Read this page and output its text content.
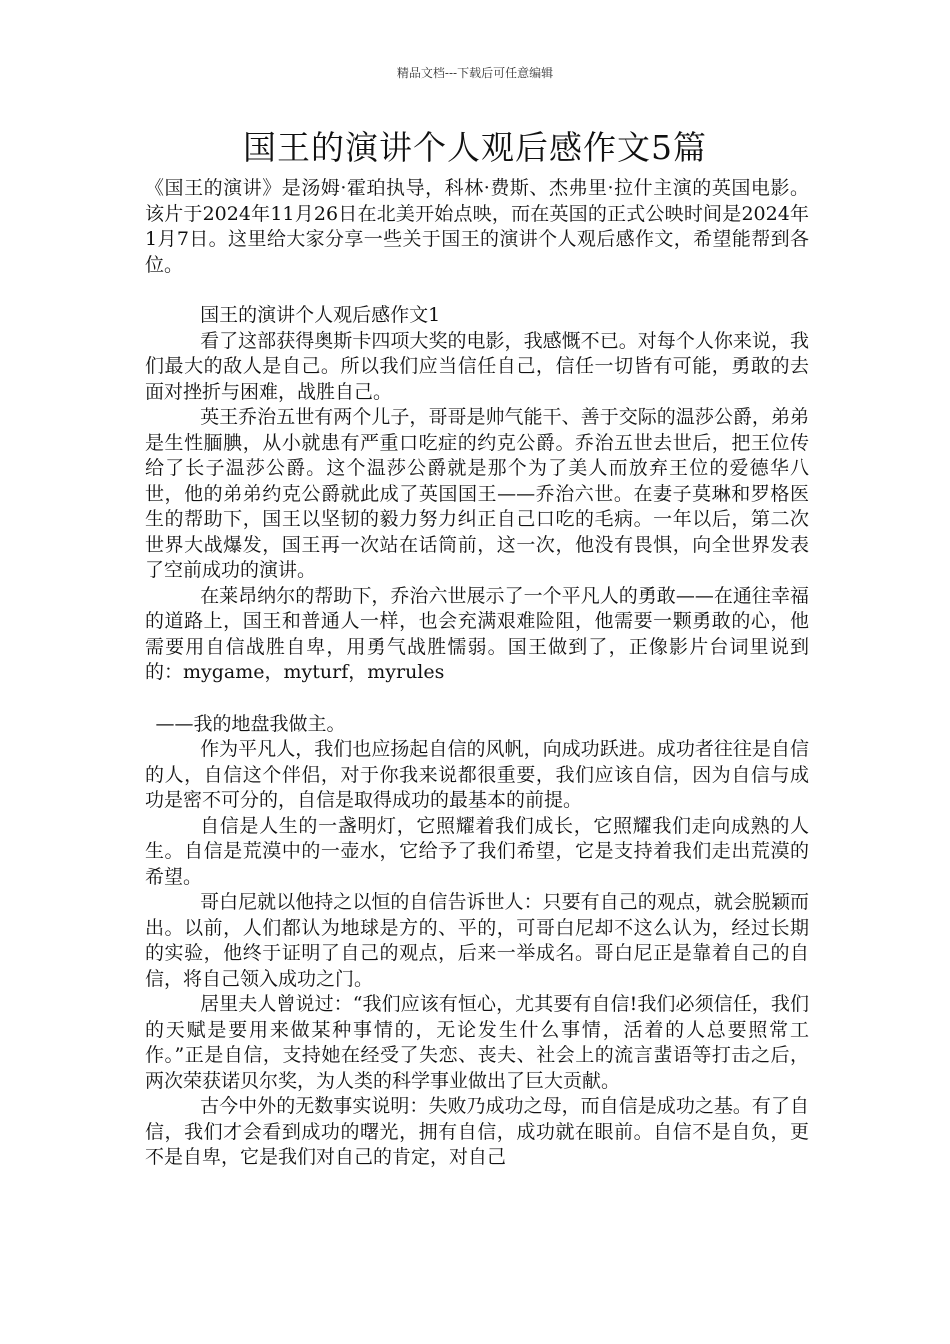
精品文档---下载后可任意编辑
国王的演讲个人观后感作文5篇

《国王的演讲》是汤姆·霍珀执导，科林·费斯、杰弗里·拉什主演的英国电影。该片于2024年11月26日在北美开始点映，而在英国的正式公映时间是2024年1月7日。这里给大家分享一些关于国王的演讲个人观后感作文，希望能帮到各位。

国王的演讲个人观后感作文1

看了这部获得奥斯卡四项大奖的电影，我感慨不已。对每个人你来说，我们最大的敌人是自己。所以我们应当信任自己，信任一切皆有可能，勇敢的去面对挫折与困难，战胜自己。

英王乔治五世有两个儿子，哥哥是帅气能干、善于交际的温莎公爵，弟弟是生性腼腆，从小就患有严重口吃症的约克公爵。乔治五世去世后，把王位传给了长子温莎公爵。这个温莎公爵就是那个为了美人而放弃王位的爱德华八世，他的弟弟约克公爵就此成了英国国王——乔治六世。在妻子莫琳和罗格医生的帮助下，国王以坚韧的毅力努力纠正自己口吃的毛病。一年以后，第二次世界大战爆发，国王再一次站在话筒前，这一次，他没有畏惧，向全世界发表了空前成功的演讲。

在莱昂纳尔的帮助下，乔治六世展示了一个平凡人的勇敢——在通往幸福的道路上，国王和普通人一样，也会充满艰难险阻，他需要一颗勇敢的心，他需要用自信战胜自卑，用勇气战胜懦弱。国王做到了，正像影片台词里说到的：mygame，myturf，myrules

——我的地盘我做主。

作为平凡人，我们也应扬起自信的风帆，向成功跃进。成功者往往是自信的人，自信这个伴侣，对于你我来说都很重要，我们应该自信，因为自信与成功是密不可分的，自信是取得成功的最基本的前提。

自信是人生的一盏明灯，它照耀着我们成长，它照耀我们走向成熟的人生。自信是荒漠中的一壶水，它给予了我们希望，它是支持着我们走出荒漠的希望。

哥白尼就以他持之以恒的自信告诉世人：只要有自己的观点，就会脱颖而出。以前，人们都认为地球是方的、平的，可哥白尼却不这么认为，经过长期的实验，他终于证明了自己的观点，后来一举成名。哥白尼正是靠着自己的自信，将自己领入成功之门。

居里夫人曾说过：“我们应该有恒心，尤其要有自信!我们必须信任，我们的天赋是要用来做某种事情的，无论发生什么事情，活着的人总要照常工作。”正是自信，支持她在经受了失恋、丧夫、社会上的流言蜚语等打击之后，两次荣获诺贝尔奖，为人类的科学事业做出了巨大贡献。

古今中外的无数事实说明：失败乃成功之母，而自信是成功之基。有了自信，我们才会看到成功的曙光，拥有自信，成功就在眼前。自信不是自负，更不是自卑，它是我们对自己的肯定，对自己
